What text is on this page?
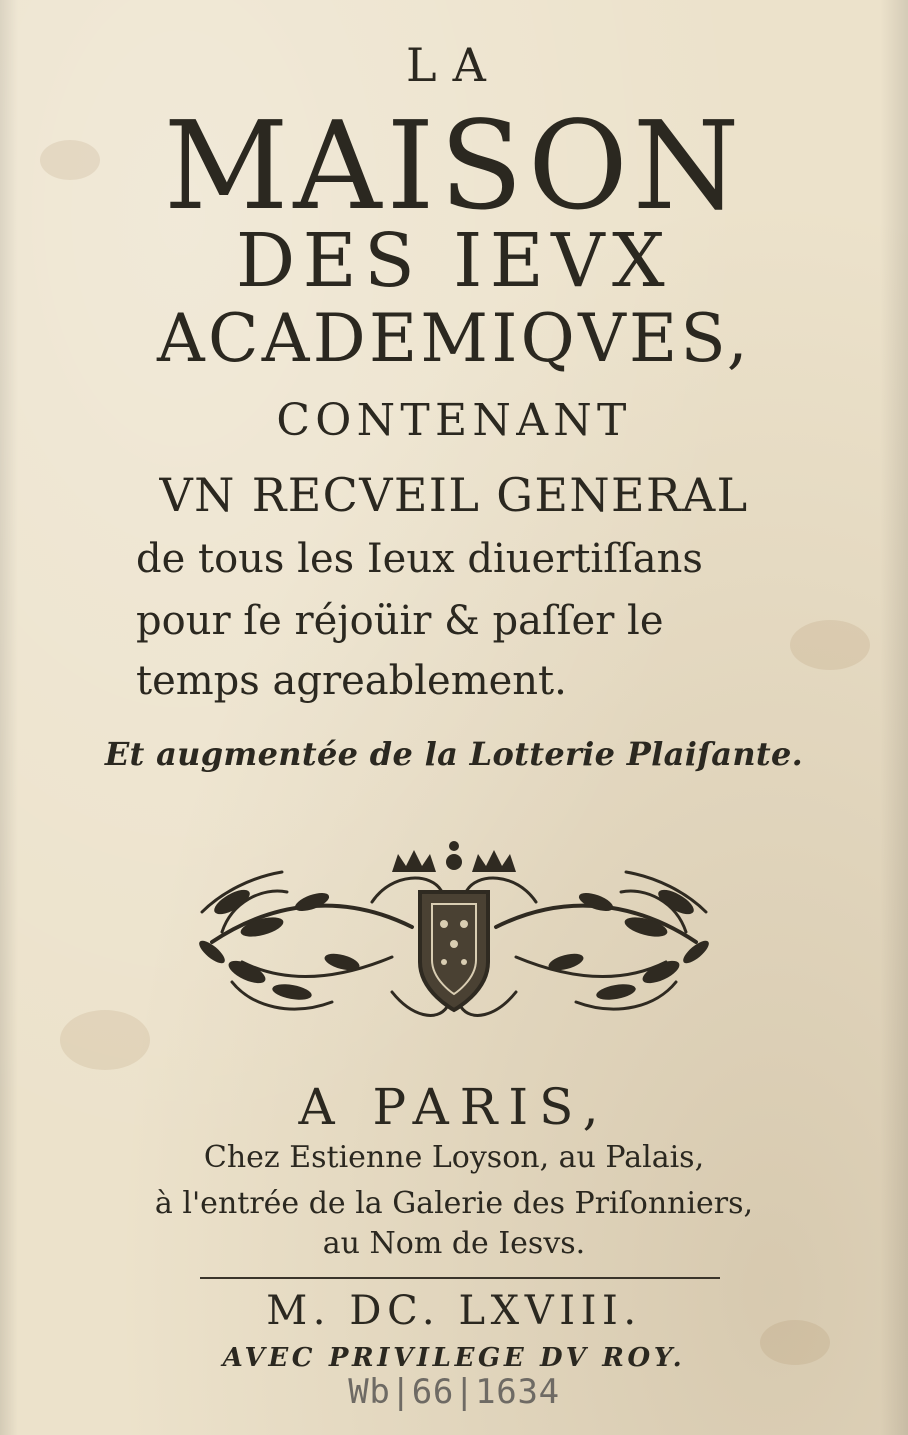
LA
MAISON
DES IEVX
ACADEMIQVES,
CONTENANT
VN RECVEIL GENERAL
de tous les Ieux diuertiſſans
pour ſe réjoüir & paſſer le
temps agreablement.
Et augmentée de la Lotterie Plaiſante.
A PARIS,
Chez Estienne Loyson, au Palais,
à l'entrée de la Galerie des Priſonniers,
au Nom de Iesvs.
M. DC. LXVIII.
AVEC PRIVILEGE DV ROY.
Wb|66|1634
